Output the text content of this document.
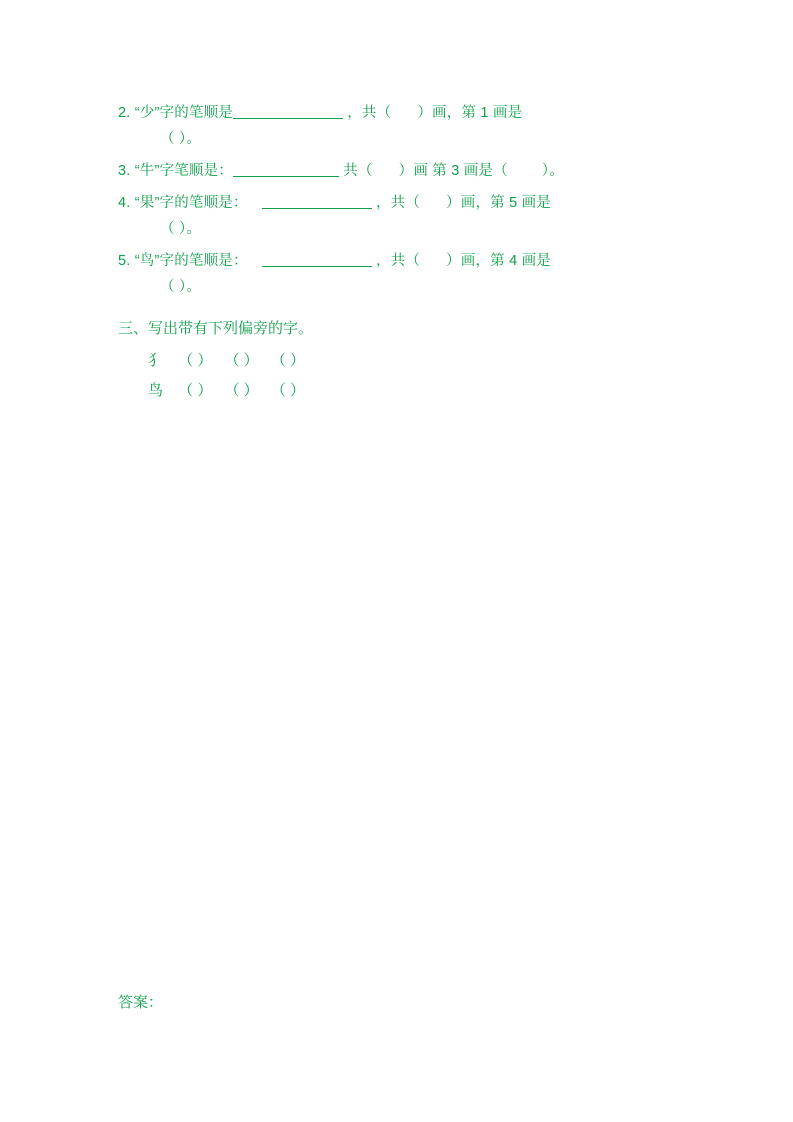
2. “少”字的笔顺是	，共（ ）画，第 1 画是
（ ）。
3. “牛”字笔顺是：	共（ ）画 第 3 画是（ ）。
4. “果”字的笔顺是：	，共（ ）画，第 5 画是
（ ）。
5. “鸟”字的笔顺是：	，共（ ）画，第 4 画是
（ ）。
三、写出带有下列偏旁的字。
犭 （ ） （ ） （ ）
鸟 （ ） （ ） （ ）
答案：
